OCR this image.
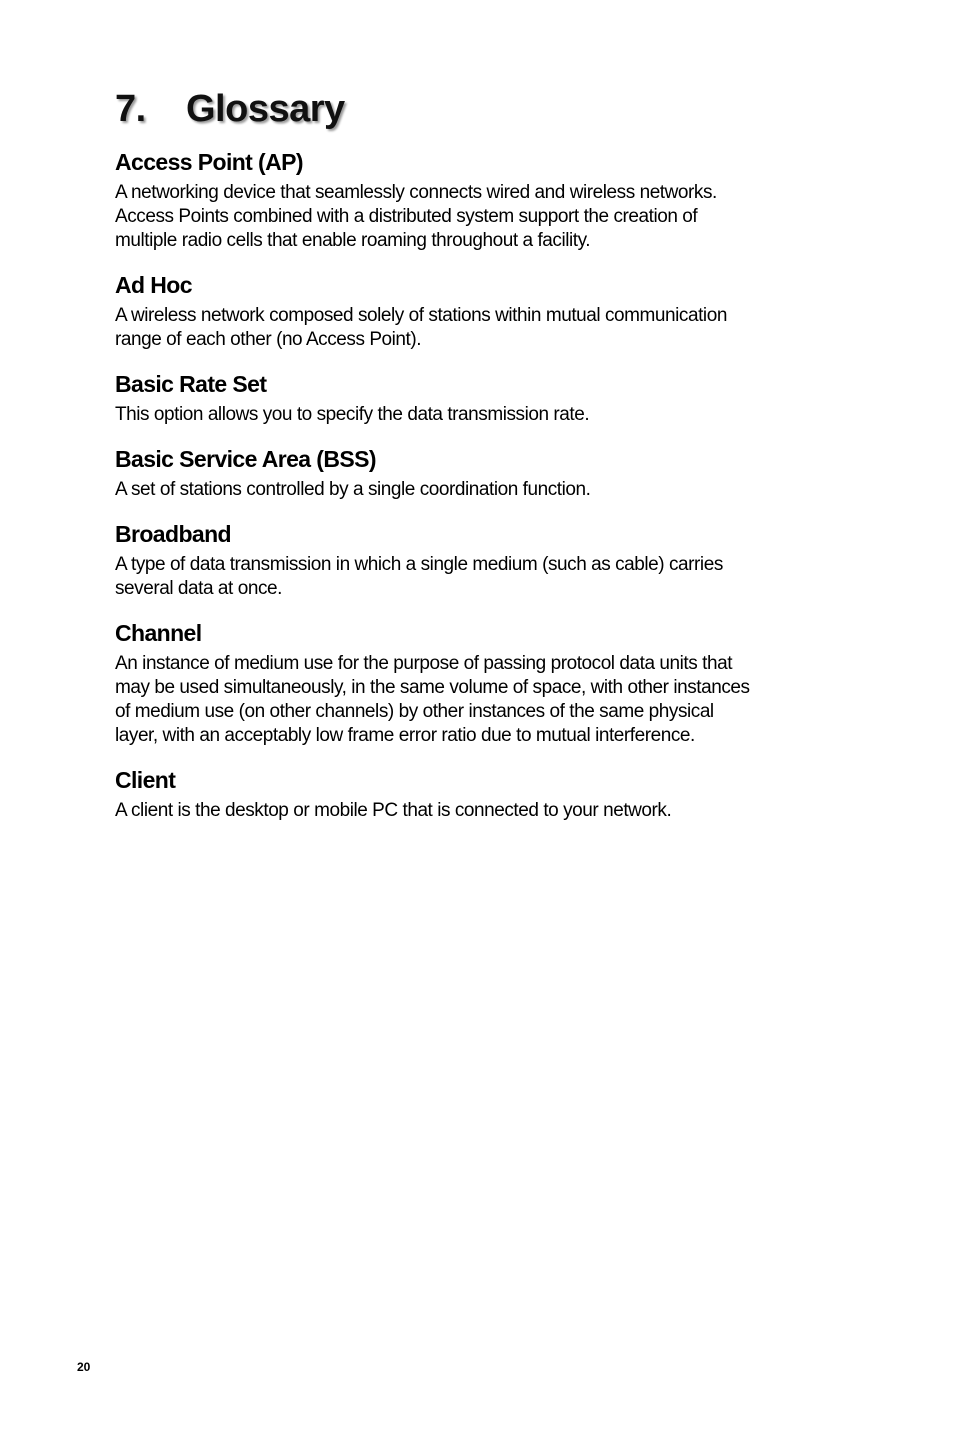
7. Glossary
Access Point (AP)

A networking device that seamlessly connects wired and wireless networks.
Access Points combined with a distributed system support the creation of
multiple radio cells that enable roaming throughout a facility.

Ad Hoc

A wireless network composed solely of stations within mutual communication
range of each other (no Access Point).

Basic Rate Set

This option allows you to specify the data transmission rate.

Basic Service Area (BSS)

A set of stations controlled by a single coordination function.

Broadband

A type of data transmission in which a single medium (such as cable) carries
several data at once.

Channel

An instance of medium use for the purpose of passing protocol data units that
may be used simultaneously, in the same volume of space, with other instances
of medium use (on other channels) by other instances of the same physical
layer, with an acceptably low frame error ratio due to mutual interference.

Client

A client is the desktop or mobile PC that is connected to your network.

20
